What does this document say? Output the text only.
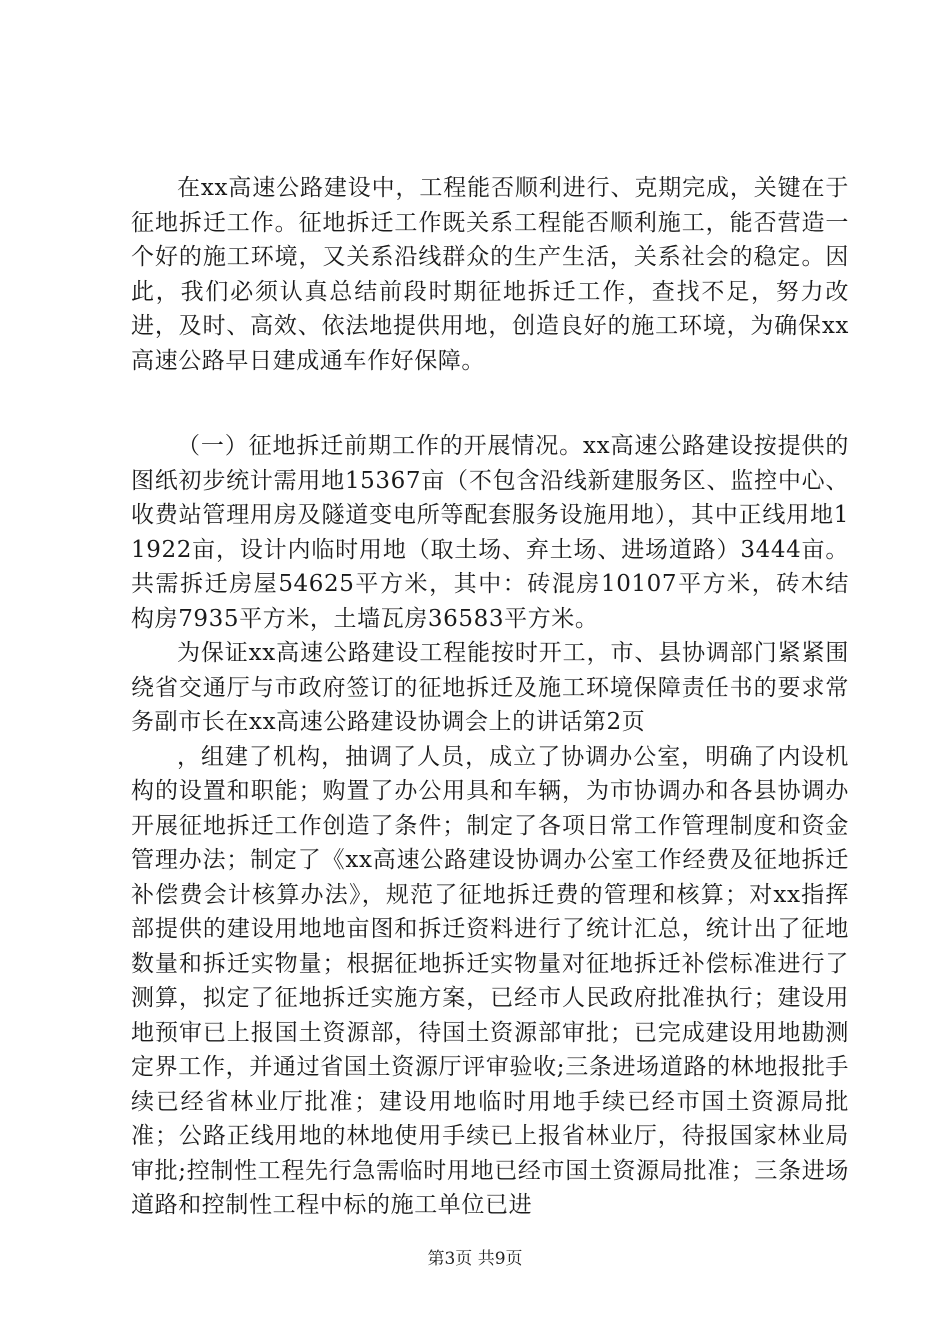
在xx高速公路建设中，工程能否顺利进行、克期完成，关键在于征地拆迁工作。征地拆迁工作既关系工程能否顺利施工，能否营造一个好的施工环境，又关系沿线群众的生产生活，关系社会的稳定。因此，我们必须认真总结前段时期征地拆迁工作，查找不足，努力改进，及时、高效、依法地提供用地，创造良好的施工环境，为确保xx高速公路早日建成通车作好保障。

（一）征地拆迁前期工作的开展情况。xx高速公路建设按提供的图纸初步统计需用地15367亩（不包含沿线新建服务区、监控中心、收费站管理用房及隧道变电所等配套服务设施用地），其中正线用地11922亩，设计内临时用地（取土场、弃土场、进场道路）3444亩。共需拆迁房屋54625平方米，其中：砖混房10107平方米，砖木结构房7935平方米，土墙瓦房36583平方米。

为保证xx高速公路建设工程能按时开工，市、县协调部门紧紧围绕省交通厅与市政府签订的征地拆迁及施工环境保障责任书的要求常务副市长在xx高速公路建设协调会上的讲话第2页

，组建了机构，抽调了人员，成立了协调办公室，明确了内设机构的设置和职能；购置了办公用具和车辆，为市协调办和各县协调办开展征地拆迁工作创造了条件；制定了各项日常工作管理制度和资金管理办法；制定了《xx高速公路建设协调办公室工作经费及征地拆迁补偿费会计核算办法》，规范了征地拆迁费的管理和核算；对xx指挥部提供的建设用地地亩图和拆迁资料进行了统计汇总，统计出了征地数量和拆迁实物量；根据征地拆迁实物量对征地拆迁补偿标准进行了测算，拟定了征地拆迁实施方案，已经市人民政府批准执行；建设用地预审已上报国土资源部，待国土资源部审批；已完成建设用地勘测定界工作，并通过省国土资源厅评审验收;三条进场道路的林地报批手续已经省林业厅批准；建设用地临时用地手续已经市国土资源局批准；公路正线用地的林地使用手续已上报省林业厅，待报国家林业局审批;控制性工程先行急需临时用地已经市国土资源局批准；三条进场道路和控制性工程中标的施工单位已进

第3页 共9页
